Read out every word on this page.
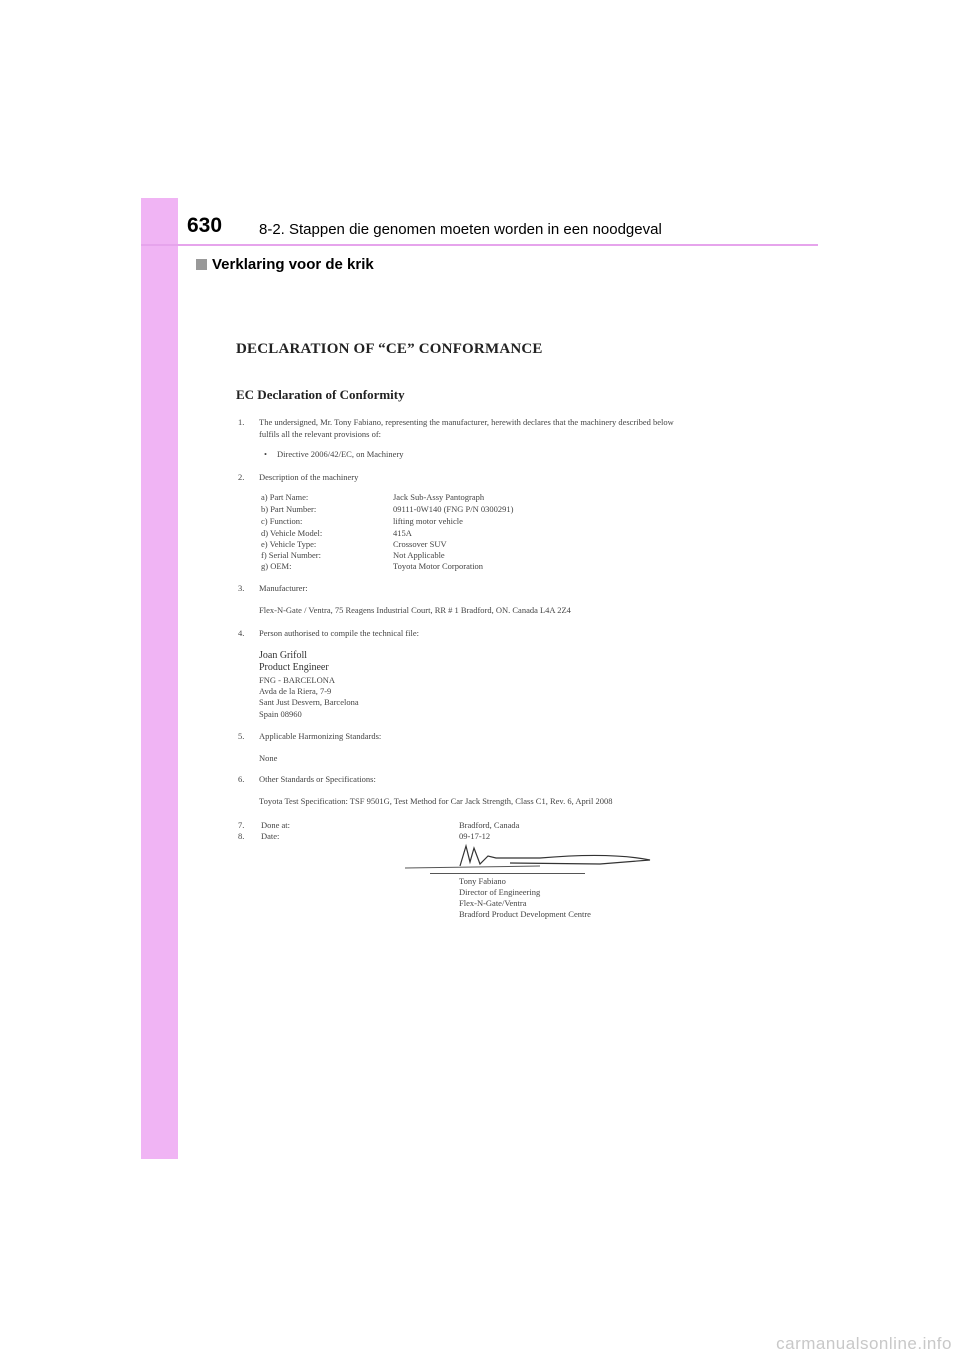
630 8-2. Stappen die genomen moeten worden in een noodgeval
Verklaring voor de krik
DECLARATION OF “CE” CONFORMANCE
EC Declaration of Conformity
1. The undersigned, Mr. Tony Fabiano, representing the manufacturer, herewith declares that the machinery described below
fulfils all the relevant provisions of:
• Directive 2006/42/EC, on Machinery
2. Description of the machinery
a) Part Name:	Jack Sub-Assy Pantograph
b) Part Number:	09111-0W140 (FNG P/N 0300291)
c) Function:	lifting motor vehicle
d) Vehicle Model:	415A
e) Vehicle Type:	Crossover SUV
f) Serial Number:	Not Applicable
g) OEM:	Toyota Motor Corporation
3. Manufacturer:
Flex-N-Gate / Ventra, 75 Reagens Industrial Court, RR # 1 Bradford, ON. Canada L4A 2Z4
4. Person authorised to compile the technical file:
Joan Grifoll
Product Engineer
FNG - BARCELONA
Avda de la Riera, 7-9
Sant Just Desvern, Barcelona
Spain 08960
5. Applicable Harmonizing Standards:
None
6. Other Standards or Specifications:
Toyota Test Specification: TSF 9501G, Test Method for Car Jack Strength, Class C1, Rev. 6, April 2008
7. Done at:	Bradford, Canada
8. Date:	09-17-12
Tony Fabiano
Director of Engineering
Flex-N-Gate/Ventra
Bradford Product Development Centre
carmanualsonline.info
